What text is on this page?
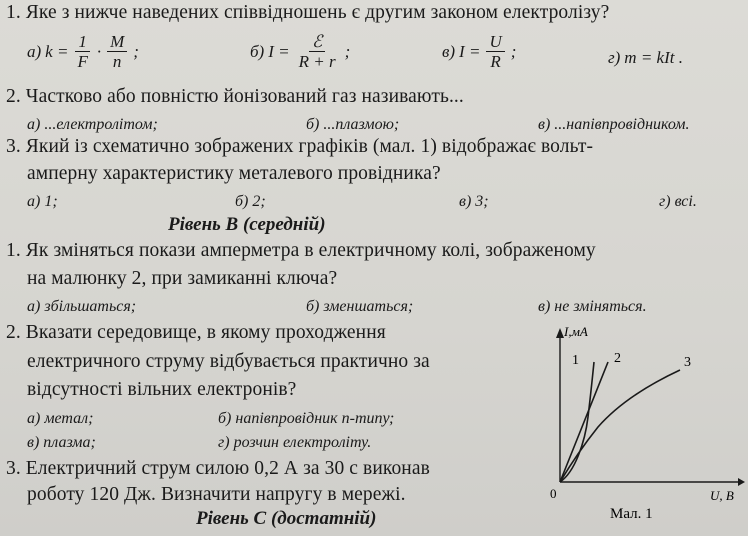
1. Яке з нижче наведених співвідношень є другим законом електролізу?
а) $k = \frac{1}{F} \cdot \frac{M}{n}$ ;	б) $I = \frac{\text{ℰ}}{R + r}$ ;	в) $I = \frac{U}{R}$ ;	г) m = kIt .
2. Частково або повністю йонізований газ називають...
а) ...електролітом;	б) ...плазмою;	в) ...напівпровідником.
3. Який із схематично зображених графіків (мал. 1) відображає вольт-
амперну характеристику металевого провідника?
а) 1;	б) 2;	в) 3;	г) всі.
Рівень В (середній)
1. Як зміняться покази амперметра в електричному колі, зображеному
на малюнку 2, при замиканні ключа?
а) збільшаться;	б) зменшаться;	в) не зміняться.
2. Вказати середовище, в якому проходження
електричного струму відбувається практично за
відсутності вільних електронів?
а) метал;	б) напівпровідник n-типу;
в) плазма;	г) розчин електроліту.
3. Електричний струм силою 0,2 А за 30 с виконав
роботу 120 Дж. Визначити напругу в мережі.
Рівень С (достатній)
I,мА
U, B
0
1	2	3
Мал. 1
